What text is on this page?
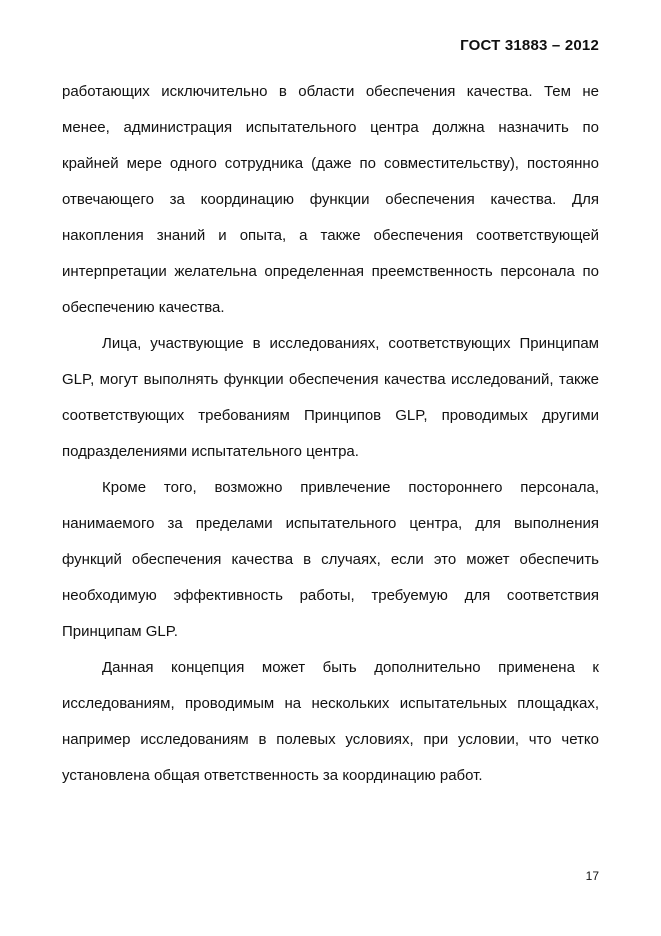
ГОСТ 31883 – 2012

работающих исключительно в области обеспечения качества. Тем не менее, администрация испытательного центра должна назначить по крайней мере одного сотрудника (даже по совместительству), постоянно отвечающего за координацию функции обеспечения качества. Для накопления знаний и опыта, а также обеспечения соответствующей интерпретации желательна определенная преемственность персонала по обеспечению качества.

Лица, участвующие в исследованиях, соответствующих Принципам GLP, могут выполнять функции обеспечения качества исследований, также соответствующих требованиям Принципов GLP, проводимых другими подразделениями испытательного центра.

Кроме того, возможно привлечение постороннего персонала, нанимаемого за пределами испытательного центра, для выполнения функций обеспечения качества в случаях, если это может обеспечить необходимую эффективность работы, требуемую для соответствия Принципам GLP.

Данная концепция может быть дополнительно применена к исследованиям, проводимым на нескольких испытательных площадках, например исследованиям в полевых условиях, при условии, что четко установлена общая ответственность за координацию работ.

17
